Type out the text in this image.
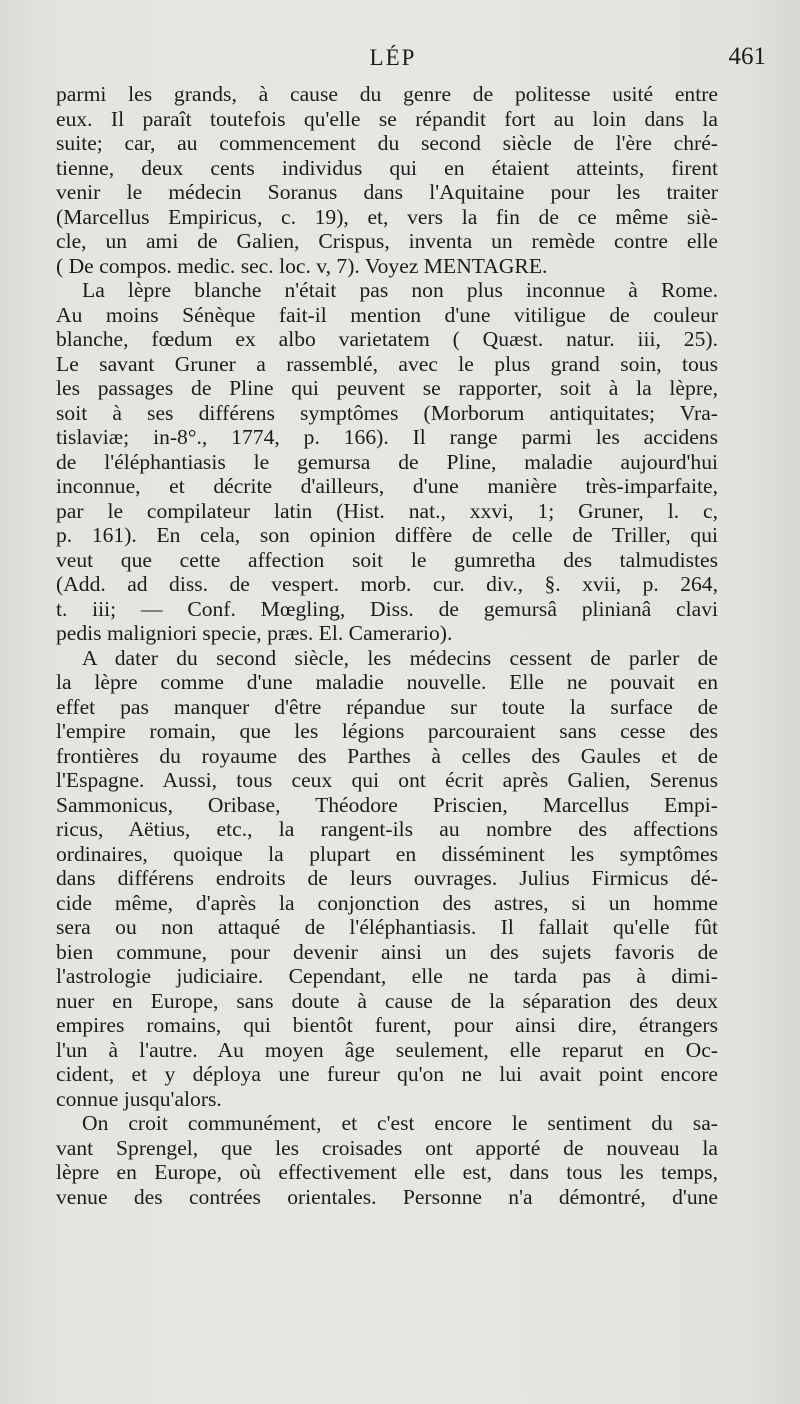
LÉP	461
parmi les grands, à cause du genre de politesse usité entre
eux. Il paraît toutefois qu'elle se répandit fort au loin dans la
suite; car, au commencement du second siècle de l'ère chré-
tienne, deux cents individus qui en étaient atteints, firent
venir le médecin Soranus dans l'Aquitaine pour les traiter
(Marcellus Empiricus, c. 19), et, vers la fin de ce même siè-
cle, un ami de Galien, Crispus, inventa un remède contre elle
( De compos. medic. sec. loc. v, 7). Voyez MENTAGRE.
La lèpre blanche n'était pas non plus inconnue à Rome.
Au moins Sénèque fait-il mention d'une vitiligue de couleur
blanche, fœdum ex albo varietatem ( Quæst. natur. iii, 25).
Le savant Gruner a rassemblé, avec le plus grand soin, tous
les passages de Pline qui peuvent se rapporter, soit à la lèpre,
soit à ses différens symptômes (Morborum antiquitates; Vra-
tislaviæ; in-8°., 1774, p. 166). Il range parmi les accidens
de l'éléphantiasis le gemursa de Pline, maladie aujourd'hui
inconnue, et décrite d'ailleurs, d'une manière très-imparfaite,
par le compilateur latin (Hist. nat., xxvi, 1; Gruner, l. c,
p. 161). En cela, son opinion diffère de celle de Triller, qui
veut que cette affection soit le gumretha des talmudistes
(Add. ad diss. de vespert. morb. cur. div., §. xvii, p. 264,
t. iii; — Conf. Mœgling, Diss. de gemursâ plinianâ clavi
pedis maligniori specie, præs. El. Camerario).
A dater du second siècle, les médecins cessent de parler de
la lèpre comme d'une maladie nouvelle. Elle ne pouvait en
effet pas manquer d'être répandue sur toute la surface de
l'empire romain, que les légions parcouraient sans cesse des
frontières du royaume des Parthes à celles des Gaules et de
l'Espagne. Aussi, tous ceux qui ont écrit après Galien, Serenus
Sammonicus, Oribase, Théodore Priscien, Marcellus Empi-
ricus, Aëtius, etc., la rangent-ils au nombre des affections
ordinaires, quoique la plupart en disséminent les symptômes
dans différens endroits de leurs ouvrages. Julius Firmicus dé-
cide même, d'après la conjonction des astres, si un homme
sera ou non attaqué de l'éléphantiasis. Il fallait qu'elle fût
bien commune, pour devenir ainsi un des sujets favoris de
l'astrologie judiciaire. Cependant, elle ne tarda pas à dimi-
nuer en Europe, sans doute à cause de la séparation des deux
empires romains, qui bientôt furent, pour ainsi dire, étrangers
l'un à l'autre. Au moyen âge seulement, elle reparut en Oc-
cident, et y déploya une fureur qu'on ne lui avait point encore
connue jusqu'alors.
On croit communément, et c'est encore le sentiment du sa-
vant Sprengel, que les croisades ont apporté de nouveau la
lèpre en Europe, où effectivement elle est, dans tous les temps,
venue des contrées orientales. Personne n'a démontré, d'une
